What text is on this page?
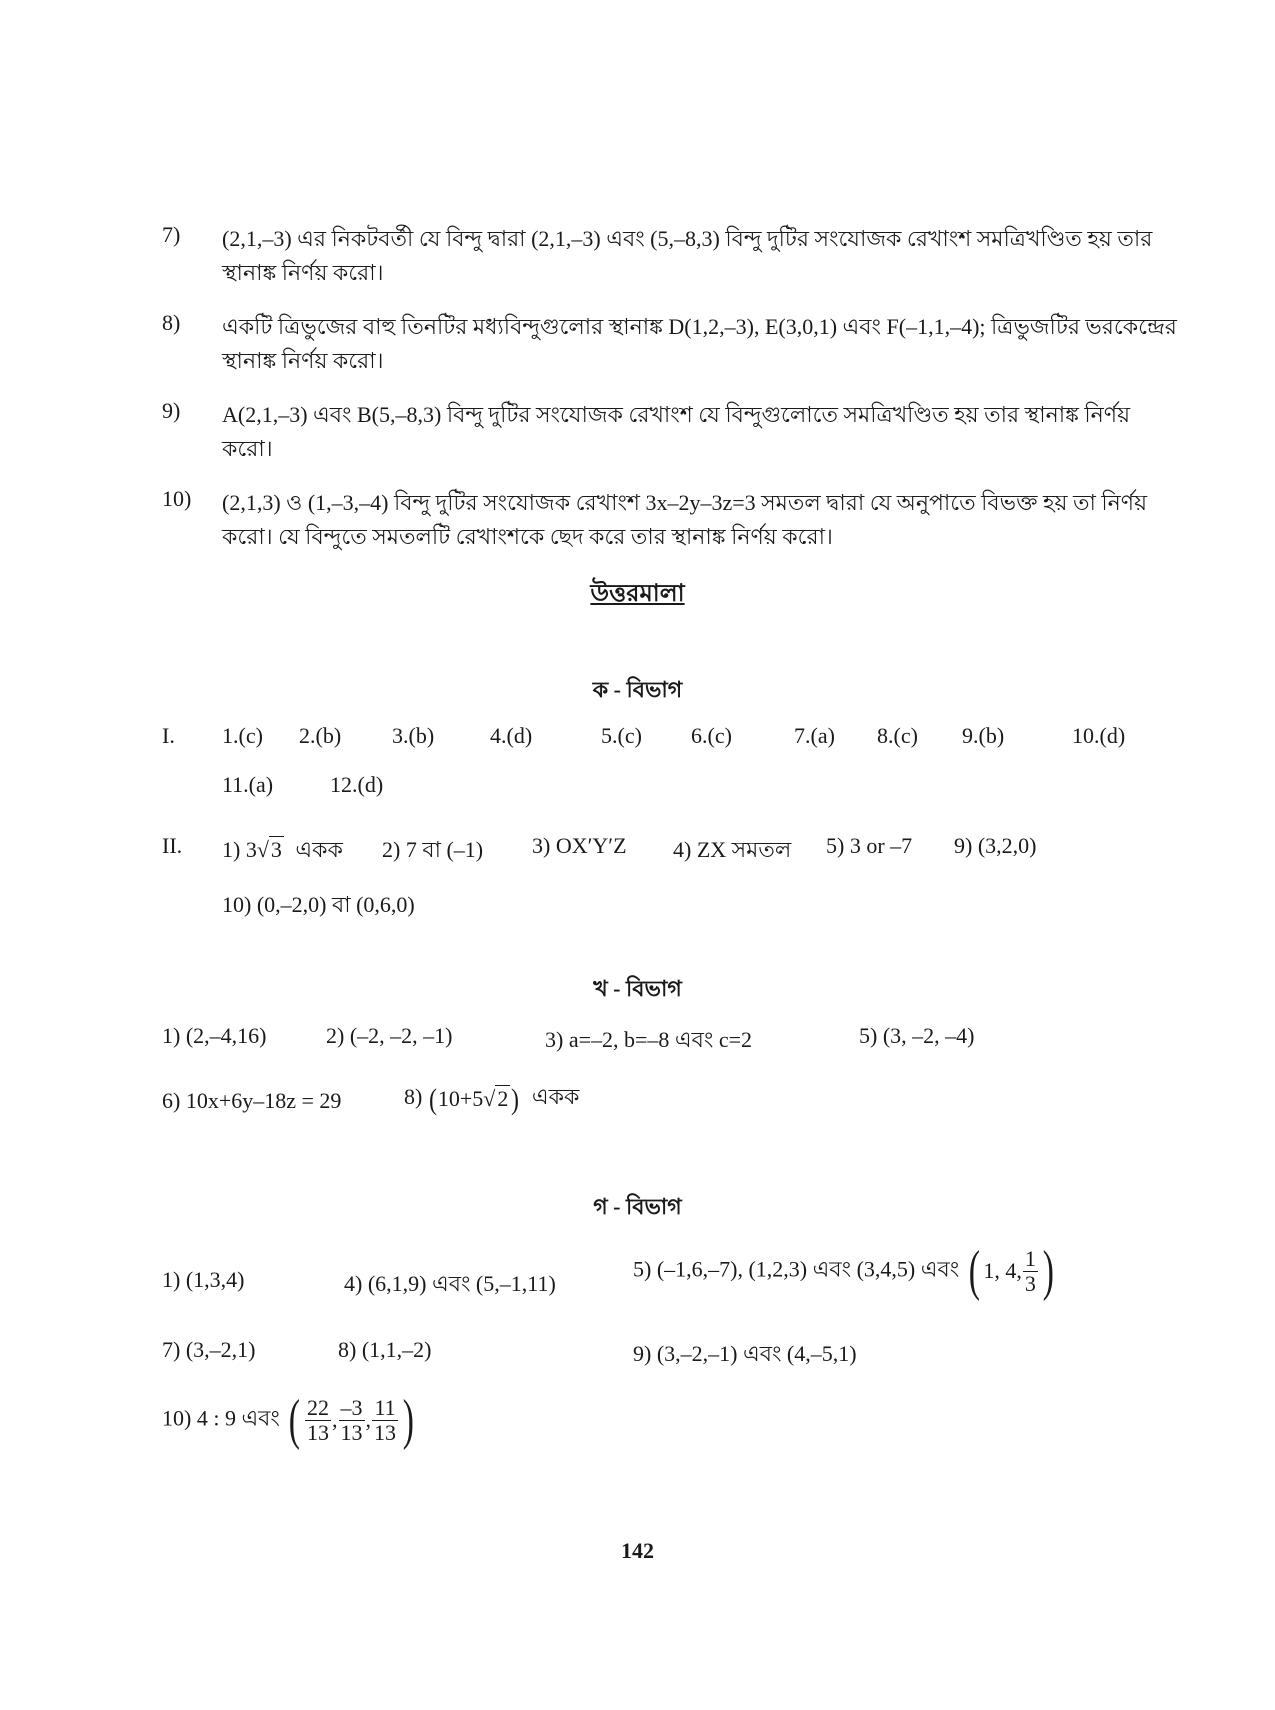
7) (2,1,–3) এর নিকটবর্তী যে বিন্দু দ্বারা (2,1,–3) এবং (5,–8,3) বিন্দু দুটির সংযোজক রেখাংশ সমত্রিখণ্ডিত হয় তার
স্থানাঙ্ক নির্ণয় করো।
8) একটি ত্রিভুজের বাহু তিনটির মধ্যবিন্দুগুলোর স্থানাঙ্ক D(1,2,–3), E(3,0,1) এবং F(–1,1,–4); ত্রিভুজটির ভরকেন্দ্রের
স্থানাঙ্ক নির্ণয় করো।
9) A(2,1,–3) এবং B(5,–8,3) বিন্দু দুটির সংযোজক রেখাংশ যে বিন্দুগুলোতে সমত্রিখণ্ডিত হয় তার স্থানাঙ্ক নির্ণয়
করো।
10) (2,1,3) ও (1,–3,–4) বিন্দু দুটির সংযোজক রেখাংশ 3x–2y–3z=3 সমতল দ্বারা যে অনুপাতে বিভক্ত হয় তা নির্ণয়
করো। যে বিন্দুতে সমতলটি রেখাংশকে ছেদ করে তার স্থানাঙ্ক নির্ণয় করো।
উত্তরমালা
ক - বিভাগ
I. 1.(c) 2.(b) 3.(b)	4.(d)	5.(c) 6.(c)	7.(a) 8.(c) 9.(b)	10.(d)
11.(a)	12.(d)
II. 1) 3√3 একক 2) 7 বা (–1) 3) OX′Y′Z 4) ZX সমতল 5) 3 or –7 9) (3,2,0)
10) (0,–2,0) বা (0,6,0)
খ - বিভাগ
1) (2,–4,16)	2) (–2, –2, –1)	3) a=–2, b=–8 এবং c=2	5) (3, –2, –4)
6) 10x+6y–18z = 29	8) (10+5√2 ) একক
গ - বিভাগ
1) (1,3,4)	4) (6,1,9) এবং (5,–1,11)
5) (–1,6,–7), (1,2,3) এবং (3,4,5) এবং ( 1, 4, $\frac{1}{3}$ )
7) (3,–2,1)	8) (1,1,–2)	9) (3,–2,–1) এবং (4,–5,1)
10) 4 : 9 এবং ( $\frac{22}{13}$ , $\frac{-3}{13}$ , $\frac{11}{13}$ )
142
